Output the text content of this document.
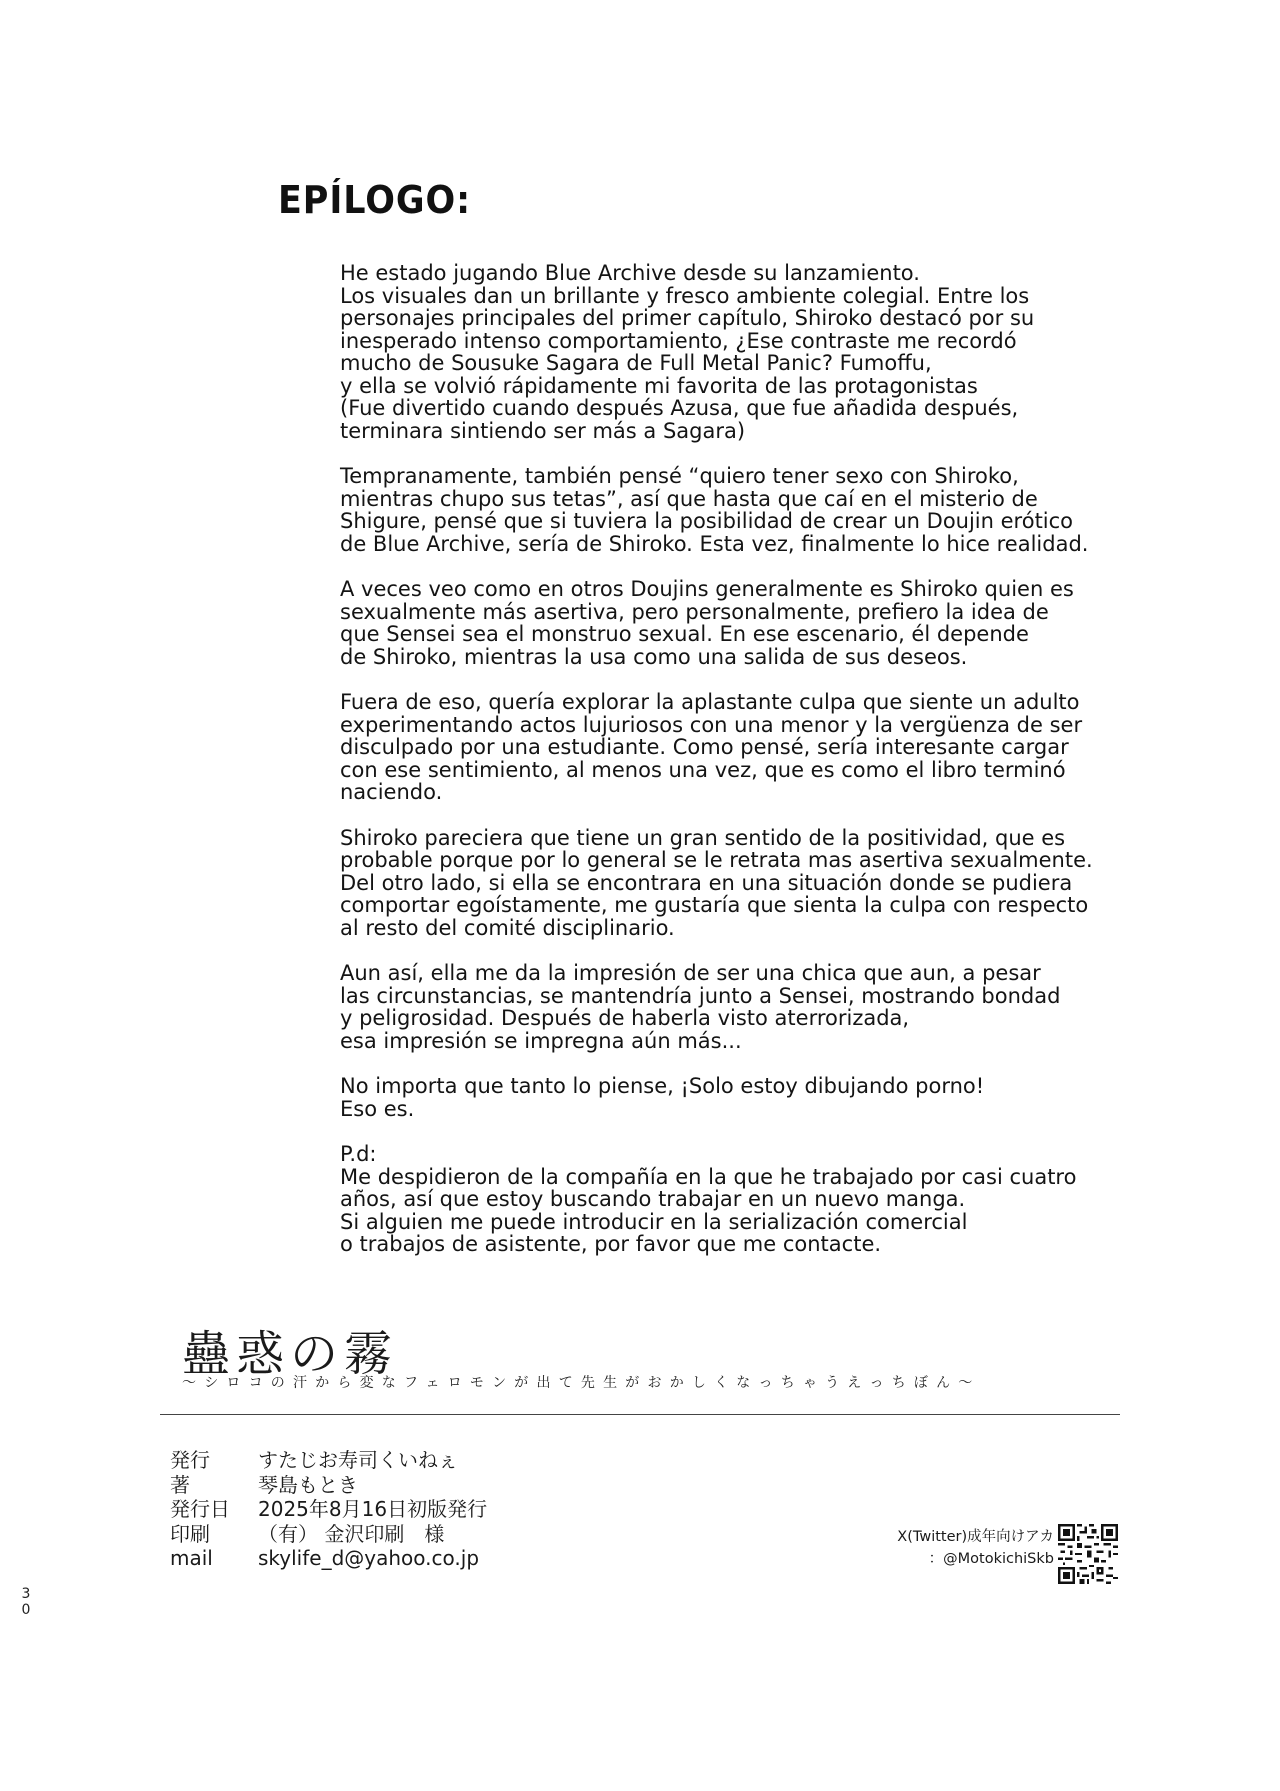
EPÍLOGO:
He estado jugando Blue Archive desde su lanzamiento.
Los visuales dan un brillante y fresco ambiente colegial. Entre los
personajes principales del primer capítulo, Shiroko destacó por su
inesperado intenso comportamiento, ¿Ese contraste me recordó
mucho de Sousuke Sagara de Full Metal Panic? Fumoffu,
y ella se volvió rápidamente mi favorita de las protagonistas
(Fue divertido cuando después Azusa, que fue añadida después,
terminara sintiendo ser más a Sagara)
Tempranamente, también pensé “quiero tener sexo con Shiroko,
mientras chupo sus tetas”, así que hasta que caí en el misterio de
Shigure, pensé que si tuviera la posibilidad de crear un Doujin erótico
de Blue Archive, sería de Shiroko. Esta vez, finalmente lo hice realidad.
A veces veo como en otros Doujins generalmente es Shiroko quien es
sexualmente más asertiva, pero personalmente, prefiero la idea de
que Sensei sea el monstruo sexual. En ese escenario, él depende
de Shiroko, mientras la usa como una salida de sus deseos.
Fuera de eso, quería explorar la aplastante culpa que siente un adulto
experimentando actos lujuriosos con una menor y la vergüenza de ser
disculpado por una estudiante. Como pensé, sería interesante cargar
con ese sentimiento, al menos una vez, que es como el libro terminó
naciendo.
Shiroko pareciera que tiene un gran sentido de la positividad, que es
probable porque por lo general se le retrata mas asertiva sexualmente.
Del otro lado, si ella se encontrara en una situación donde se pudiera
comportar egoístamente, me gustaría que sienta la culpa con respecto
al resto del comité disciplinario.
Aun así, ella me da la impresión de ser una chica que aun, a pesar
las circunstancias, se mantendría junto a Sensei, mostrando bondad
y peligrosidad. Después de haberla visto aterrorizada,
esa impresión se impregna aún más...
No importa que tanto lo piense, ¡Solo estoy dibujando porno!
Eso es.
P.d:
Me despidieron de la compañía en la que he trabajado por casi cuatro
años, así que estoy buscando trabajar en un nuevo manga.
Si alguien me puede introducir en la serialización comercial
o trabajos de asistente, por favor que me contacte.
蠱惑の霧
〜シロコの汗から変なフェロモンが出て先生がおかしくなっちゃうえっちぼん〜
発行	すたじお寿司くいねぇ
著	琴島もとき
発行日	2025年8月16日初版発行
印刷	（有） 金沢印刷　様
mail	skylife_d@yahoo.co.jp
X(Twitter)成年向けアカ
：@MotokichiSkb
3
0
